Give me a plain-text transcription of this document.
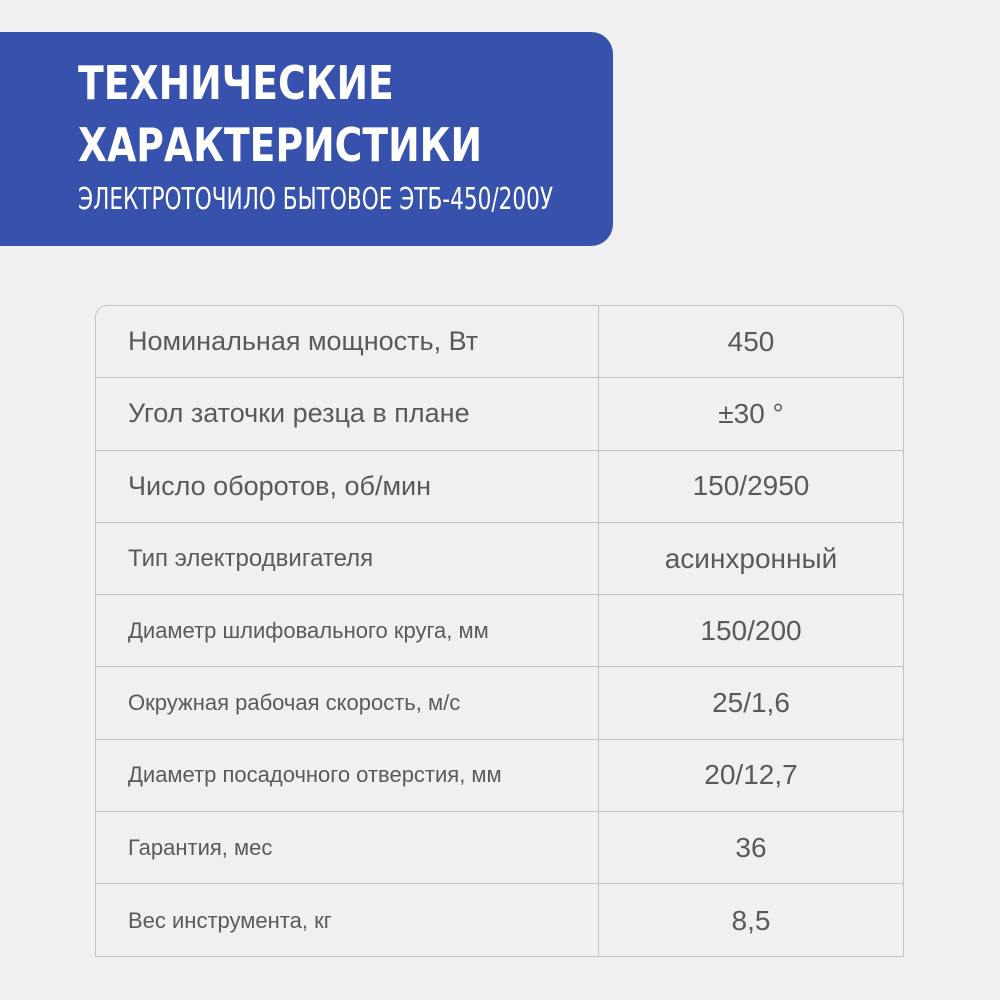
ТЕХНИЧЕСКИЕ
ХАРАКТЕРИСТИКИ
ЭЛЕКТРОТОЧИЛО БЫТОВОЕ ЭТБ-450/200У
Номинальная мощность, Вт	450
Угол заточки резца в плане	±30 °
Число оборотов, об/мин	150/2950
Тип электродвигателя	асинхронный
Диаметр шлифовального круга, мм	150/200
Окружная рабочая скорость, м/с	25/1,6
Диаметр посадочного отверстия, мм	20/12,7
Гарантия, мес	36
Вес инструмента, кг	8,5
